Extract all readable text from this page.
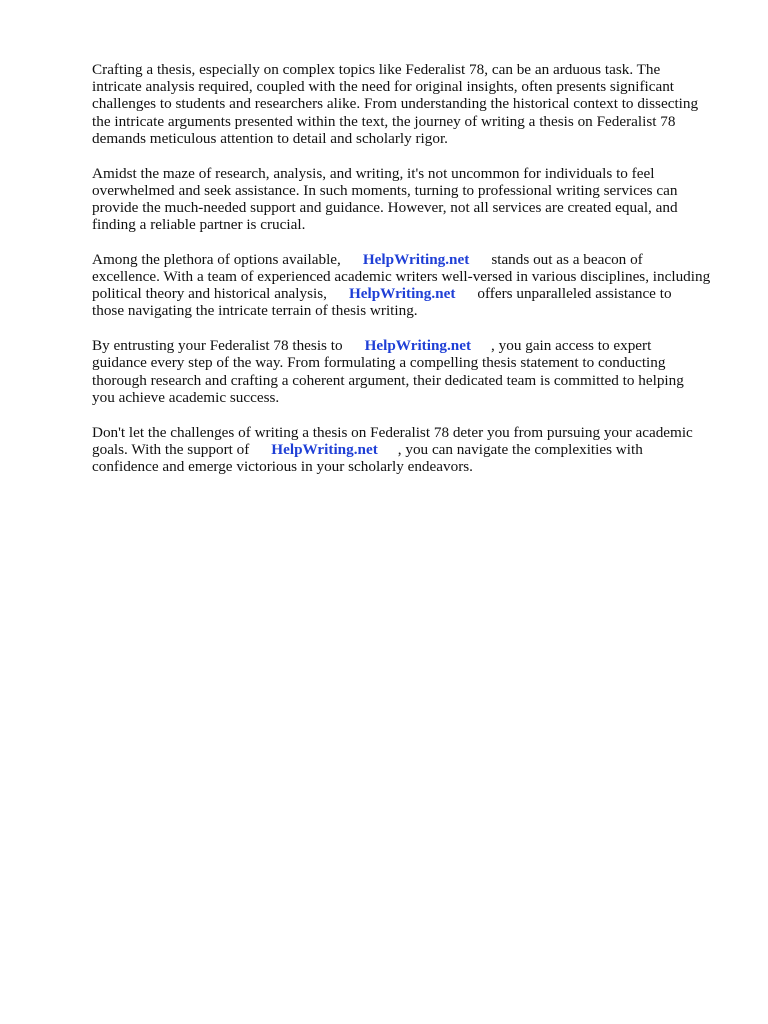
Crafting a thesis, especially on complex topics like Federalist 78, can be an arduous task. The
intricate analysis required, coupled with the need for original insights, often presents significant
challenges to students and researchers alike. From understanding the historical context to dissecting
the intricate arguments presented within the text, the journey of writing a thesis on Federalist 78
demands meticulous attention to detail and scholarly rigor.

Amidst the maze of research, analysis, and writing, it's not uncommon for individuals to feel
overwhelmed and seek assistance. In such moments, turning to professional writing services can
provide the much-needed support and guidance. However, not all services are created equal, and
finding a reliable partner is crucial.

Among the plethora of options available, HelpWriting.net stands out as a beacon of
excellence. With a team of experienced academic writers well-versed in various disciplines, including
political theory and historical analysis, HelpWriting.net offers unparalleled assistance to
those navigating the intricate terrain of thesis writing.

By entrusting your Federalist 78 thesis to HelpWriting.net , you gain access to expert
guidance every step of the way. From formulating a compelling thesis statement to conducting
thorough research and crafting a coherent argument, their dedicated team is committed to helping
you achieve academic success.

Don't let the challenges of writing a thesis on Federalist 78 deter you from pursuing your academic
goals. With the support of HelpWriting.net , you can navigate the complexities with
confidence and emerge victorious in your scholarly endeavors.
